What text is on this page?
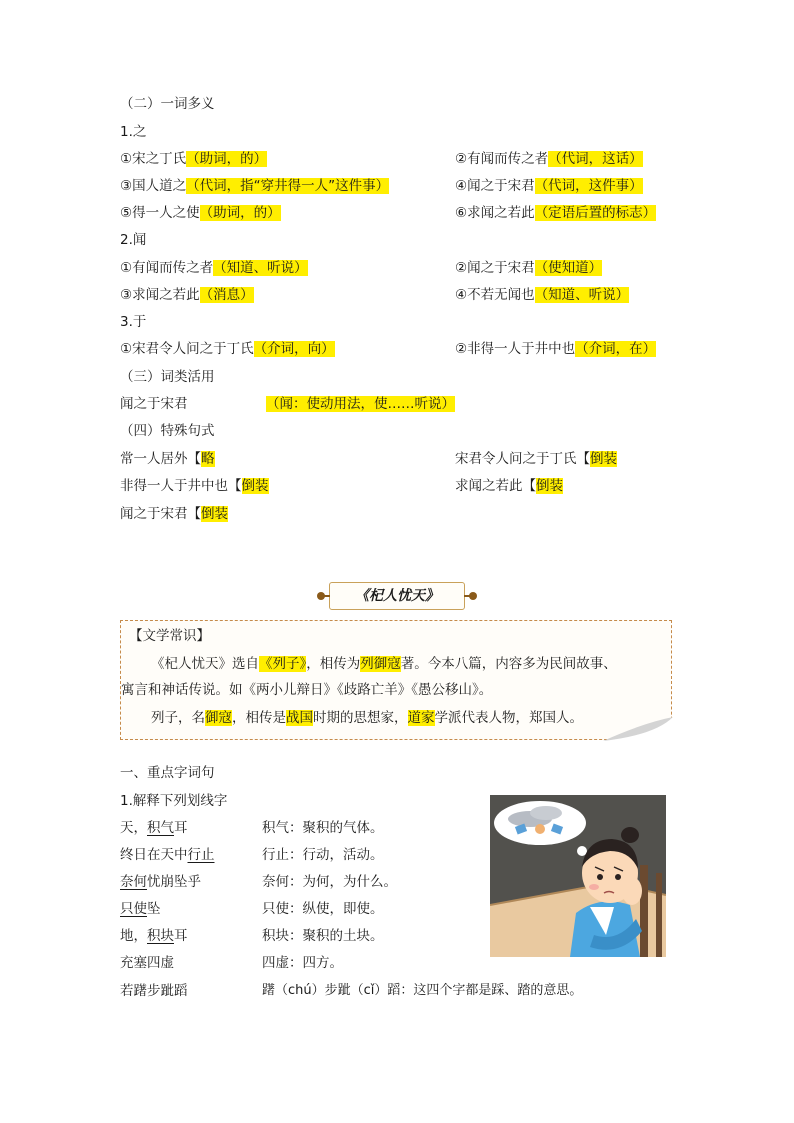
（二）一词多义
1.之
①宋之丁氏（助词，的）	②有闻而传之者（代词，这话）
③国人道之（代词，指“穿井得一人”这件事）	④闻之于宋君（代词，这件事）
⑤得一人之使（助词，的）	⑥求闻之若此（定语后置的标志）
2.闻
①有闻而传之者（知道、听说）	②闻之于宋君（使知道）
③求闻之若此（消息）	④不若无闻也（知道、听说）
3.于
①宋君令人问之于丁氏（介词，向）	②非得一人于井中也（介词，在）
（三）词类活用
闻之于宋君	（闻：使动用法，使……听说）
（四）特殊句式
常一人居外【略	宋君令人问之于丁氏【倒装
非得一人于井中也【倒装	求闻之若此【倒装
闻之于宋君【倒装
《杞人忧天》
【文学常识】
《杞人忧天》选自《列子》，相传为列御寇著。今本八篇，内容多为民间故事、
寓言和神话传说。如《两小儿辩日》《歧路亡羊》《愚公移山》。
列子，名御寇，相传是战国时期的思想家，道家学派代表人物，郑国人。
一、重点字词句
1.解释下列划线字
天，积气耳	积气：聚积的气体。
终日在天中行止	行止：行动，活动。
奈何忧崩坠乎	奈何：为何，为什么。
只使坠	只使：纵使，即使。
地，积块耳	积块：聚积的土块。
充塞四虚	四虚：四方。
若躇步跐蹈	躇（chú）步跐（cǐ）蹈：这四个字都是踩、踏的意思。
